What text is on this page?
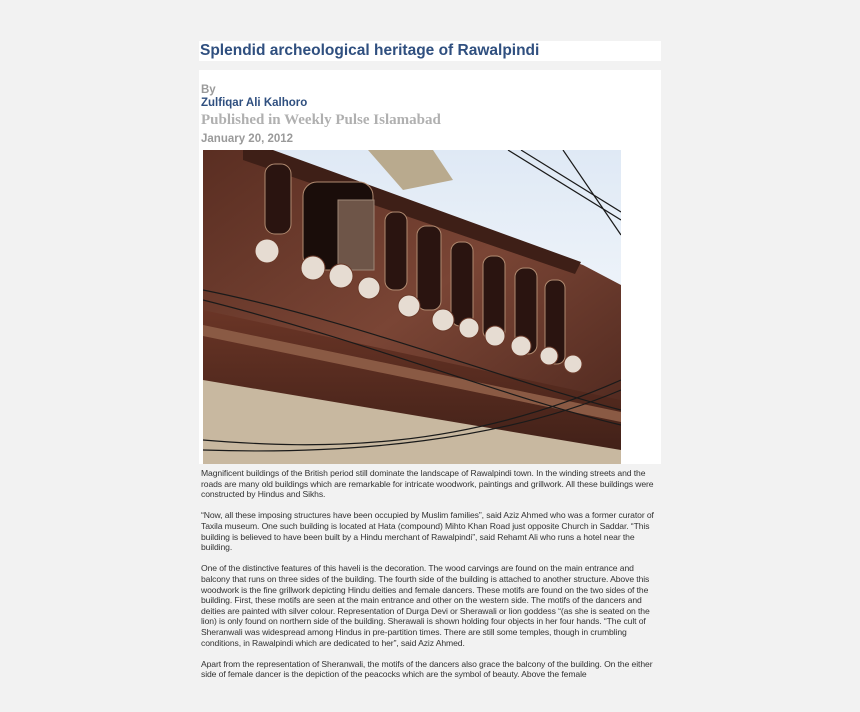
Splendid archeological heritage of Rawalpindi
By
Zulfiqar Ali Kalhoro
Published in Weekly Pulse Islamabad
January 20, 2012

Magnificent buildings of the British period still dominate the landscape of Rawalpindi town. In the winding streets and the roads are many old buildings which are remarkable for intricate woodwork, paintings and grillwork. All these buildings were constructed by Hindus and Sikhs.

“Now, all these imposing structures have been occupied by Muslim families”, said Aziz Ahmed who was a former curator of Taxila museum. One such building is located at Hata (compound) Mihto Khan Road just opposite Church in Saddar. “This building is believed to have been built by a Hindu merchant of Rawalpindi”, said Rehamt Ali who runs a hotel near the building.

One of the distinctive features of this haveli is the decoration. The wood carvings are found on the main entrance and balcony that runs on three sides of the building. The fourth side of the building is attached to another structure. Above this woodwork is the fine grillwork depicting Hindu deities and female dancers. These motifs are found on the two sides of the building. First, these motifs are seen at the main entrance and other on the western side. The motifs of the dancers and deities are painted with silver colour. Representation of Durga Devi or Sherawali or lion goddess “(as she is seated on the lion) is only found on northern side of the building. Sherawali is shown holding four objects in her four hands. “The cult of Sheranwali was widespread among Hindus in pre-partition times. There are still some temples, though in crumbling conditions, in Rawalpindi which are dedicated to her”, said Aziz Ahmed.

Apart from the representation of Sheranwali, the motifs of the dancers also grace the balcony of the building. On the either side of female dancer is the depiction of the peacocks which are the symbol of beauty. Above the female
